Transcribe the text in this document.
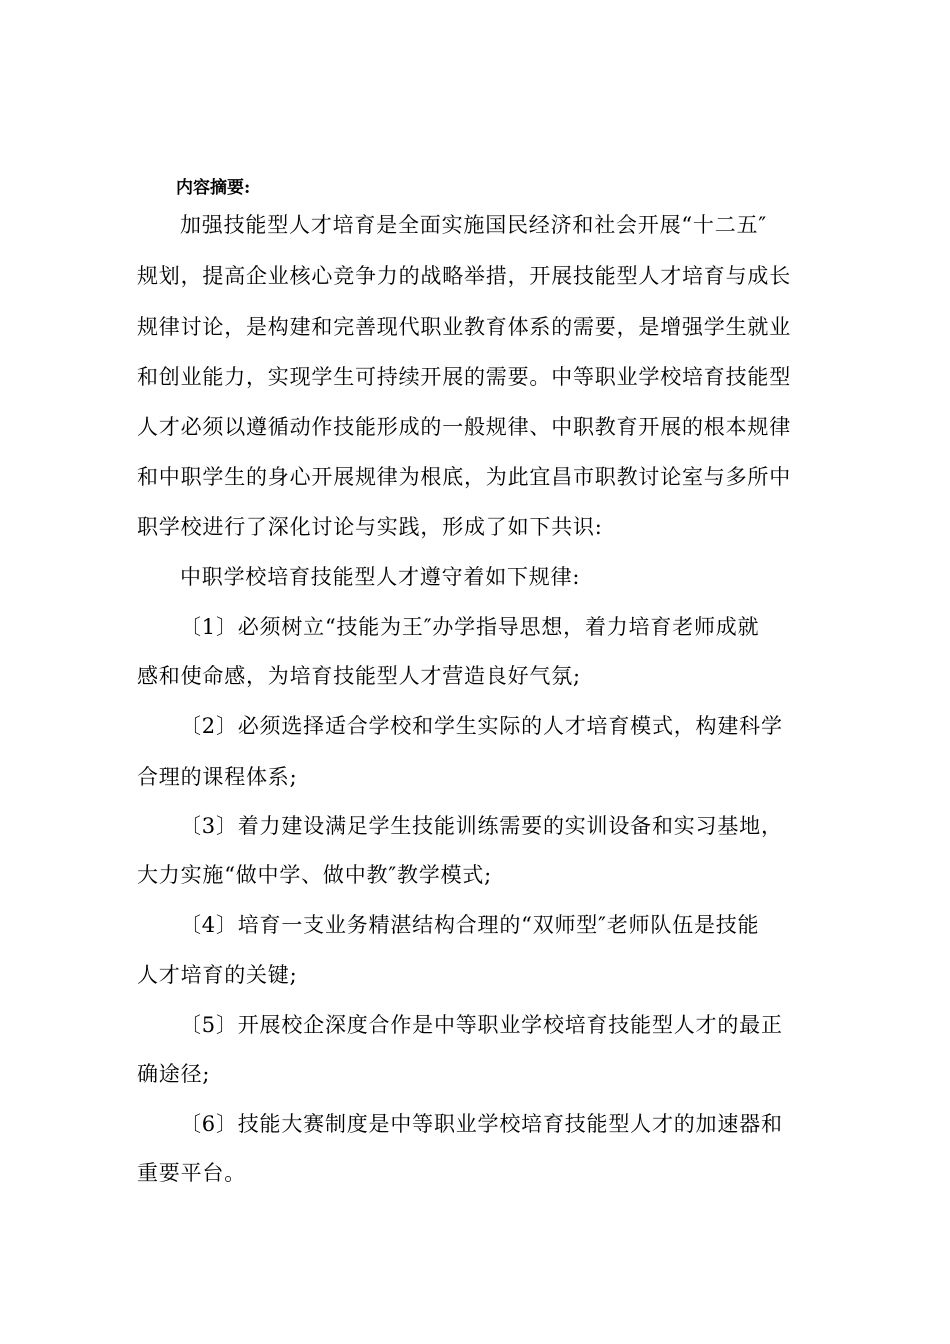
内容摘要:
加强技能型人才培育是全面实施国民经济和社会开展“十二五″
规划，提高企业核心竞争力的战略举措，开展技能型人才培育与成长
规律讨论，是构建和完善现代职业教育体系的需要，是增强学生就业
和创业能力，实现学生可持续开展的需要。中等职业学校培育技能型
人才必须以遵循动作技能形成的一般规律、中职教育开展的根本规律
和中职学生的身心开展规律为根底，为此宜昌市职教讨论室与多所中
职学校进行了深化讨论与实践，形成了如下共识:
中职学校培育技能型人才遵守着如下规律:
〔1〕必须树立“技能为王″办学指导思想，着力培育老师成就
感和使命感，为培育技能型人才营造良好气氛;
〔2〕必须选择适合学校和学生实际的人才培育模式，构建科学
合理的课程体系;
〔3〕着力建设满足学生技能训练需要的实训设备和实习基地，
大力实施“做中学、做中教″教学模式;
〔4〕培育一支业务精湛结构合理的“双师型″老师队伍是技能
人才培育的关键;
〔5〕开展校企深度合作是中等职业学校培育技能型人才的最正
确途径;
〔6〕技能大赛制度是中等职业学校培育技能型人才的加速器和
重要平台。
